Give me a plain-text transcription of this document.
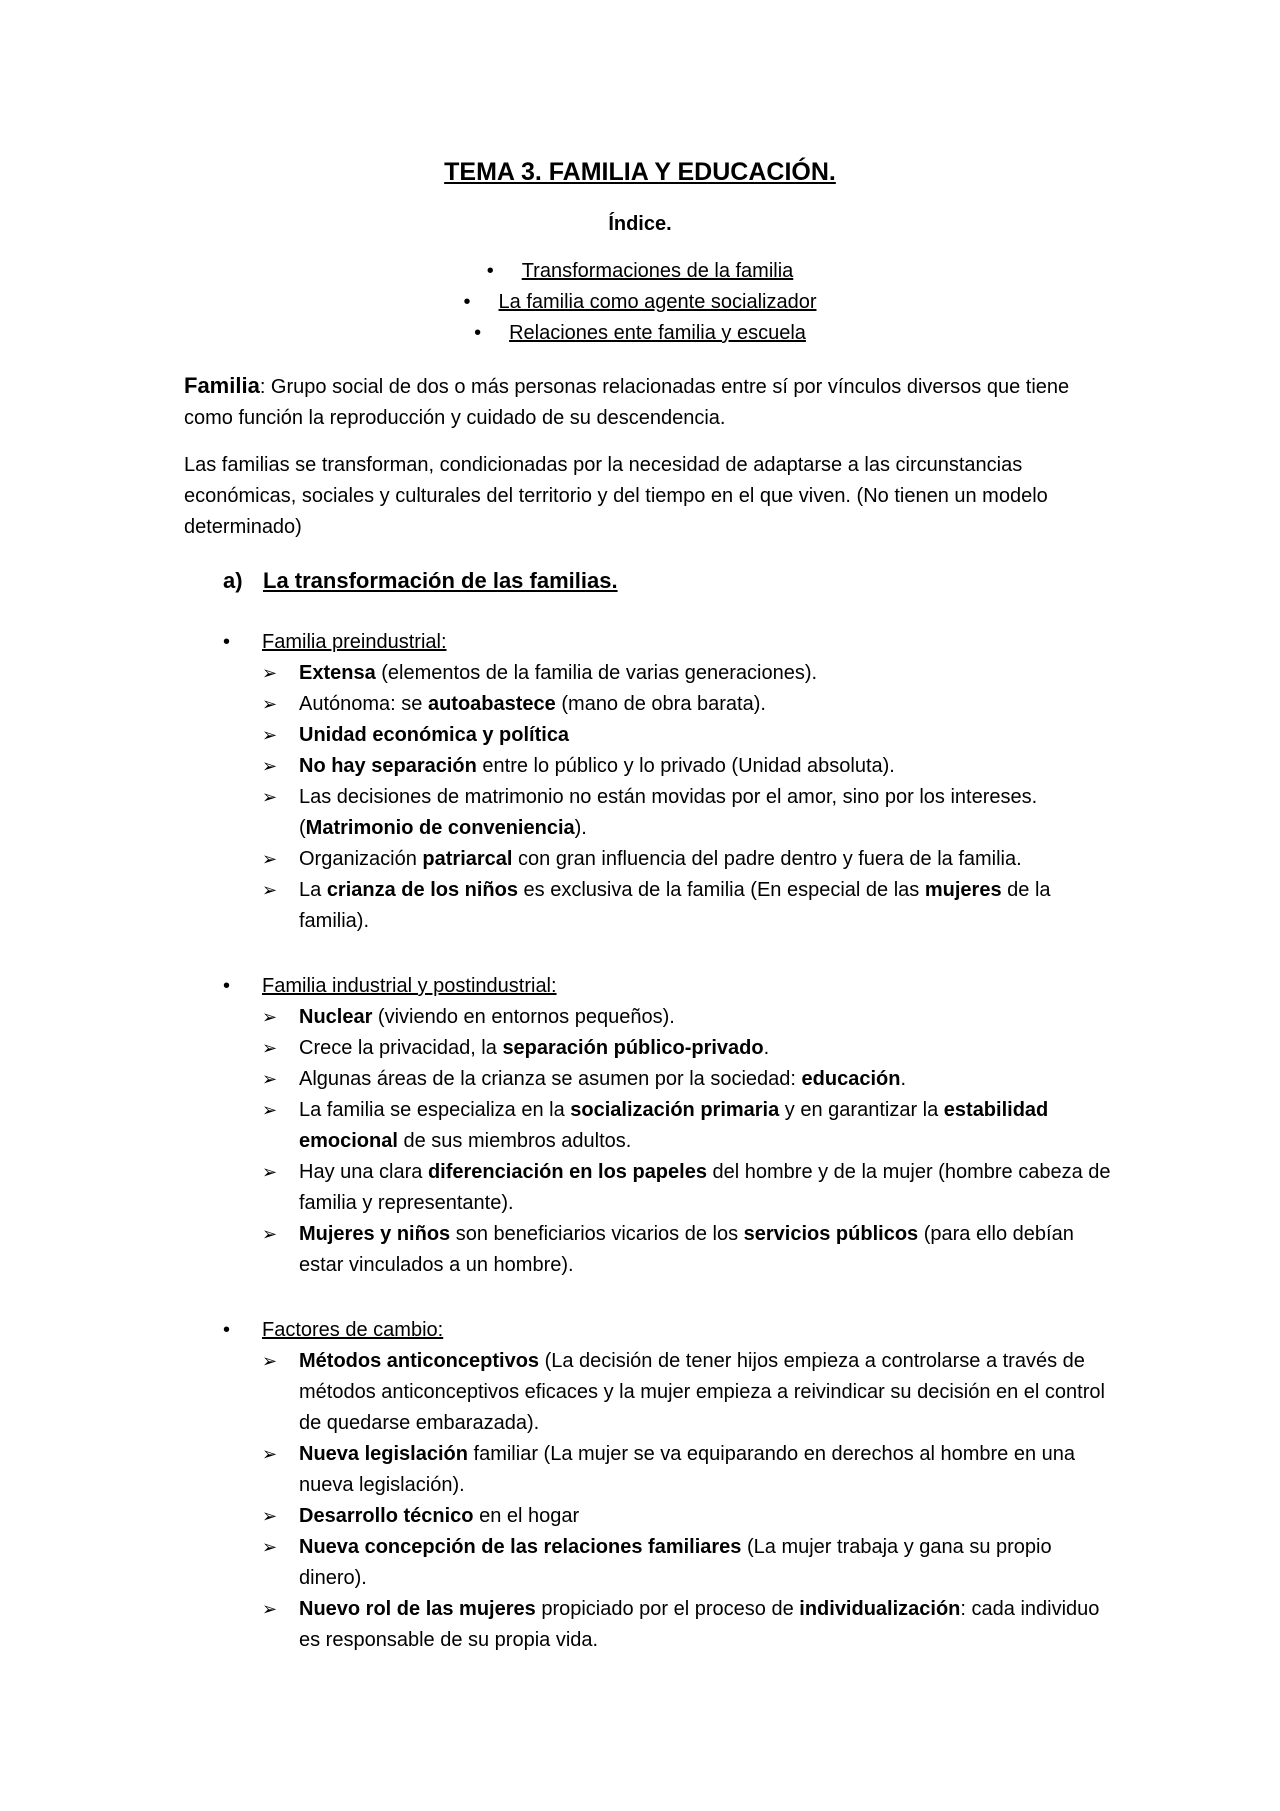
TEMA 3. FAMILIA Y EDUCACIÓN.
Índice.
• Transformaciones de la familia
• La familia como agente socializador
• Relaciones ente familia y escuela
Familia: Grupo social de dos o más personas relacionadas entre sí por vínculos diversos que tiene como función la reproducción y cuidado de su descendencia.
Las familias se transforman, condicionadas por la necesidad de adaptarse a las circunstancias económicas, sociales y culturales del territorio y del tiempo en el que viven. (No tienen un modelo determinado)
a) La transformación de las familias.
• Familia preindustrial:
➢ Extensa (elementos de la familia de varias generaciones).
➢ Autónoma: se autoabastece (mano de obra barata).
➢ Unidad económica y política
➢ No hay separación entre lo público y lo privado (Unidad absoluta).
➢ Las decisiones de matrimonio no están movidas por el amor, sino por los intereses. (Matrimonio de conveniencia).
➢ Organización patriarcal con gran influencia del padre dentro y fuera de la familia.
➢ La crianza de los niños es exclusiva de la familia (En especial de las mujeres de la familia).
• Familia industrial y postindustrial:
➢ Nuclear (viviendo en entornos pequeños).
➢ Crece la privacidad, la separación público-privado.
➢ Algunas áreas de la crianza se asumen por la sociedad: educación.
➢ La familia se especializa en la socialización primaria y en garantizar la estabilidad emocional de sus miembros adultos.
➢ Hay una clara diferenciación en los papeles del hombre y de la mujer (hombre cabeza de familia y representante).
➢ Mujeres y niños son beneficiarios vicarios de los servicios públicos (para ello debían estar vinculados a un hombre).
• Factores de cambio:
➢ Métodos anticonceptivos (La decisión de tener hijos empieza a controlarse a través de métodos anticonceptivos eficaces y la mujer empieza a reivindicar su decisión en el control de quedarse embarazada).
➢ Nueva legislación familiar (La mujer se va equiparando en derechos al hombre en una nueva legislación).
➢ Desarrollo técnico en el hogar
➢ Nueva concepción de las relaciones familiares (La mujer trabaja y gana su propio dinero).
➢ Nuevo rol de las mujeres propiciado por el proceso de individualización: cada individuo es responsable de su propia vida.
